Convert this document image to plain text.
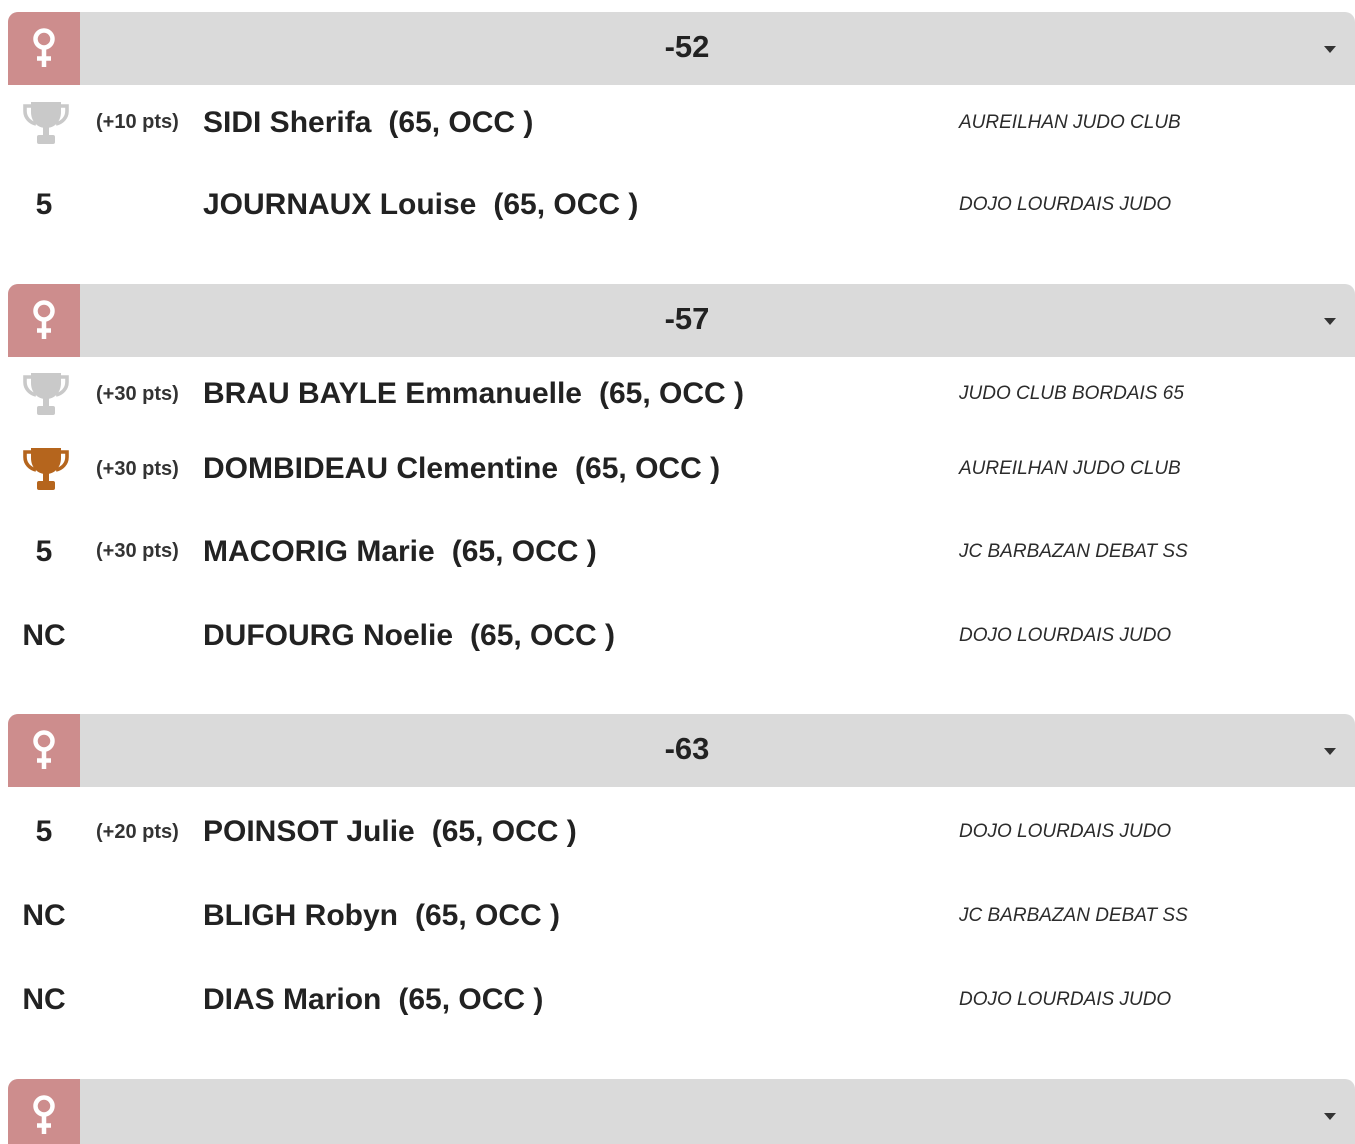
-52
(+10 pts) SIDI Sherifa (65, OCC )	AUREILHAN JUDO CLUB
5	JOURNAUX Louise (65, OCC )	DOJO LOURDAIS JUDO
-57
(+30 pts) BRAU BAYLE Emmanuelle (65, OCC )	JUDO CLUB BORDAIS 65
(+30 pts) DOMBIDEAU Clementine (65, OCC )	AUREILHAN JUDO CLUB
5	(+30 pts) MACORIG Marie (65, OCC )	JC BARBAZAN DEBAT SS
NC	DUFOURG Noelie (65, OCC )	DOJO LOURDAIS JUDO
-63
5	(+20 pts) POINSOT Julie (65, OCC )	DOJO LOURDAIS JUDO
NC	BLIGH Robyn (65, OCC )	JC BARBAZAN DEBAT SS
NC	DIAS Marion (65, OCC )	DOJO LOURDAIS JUDO
